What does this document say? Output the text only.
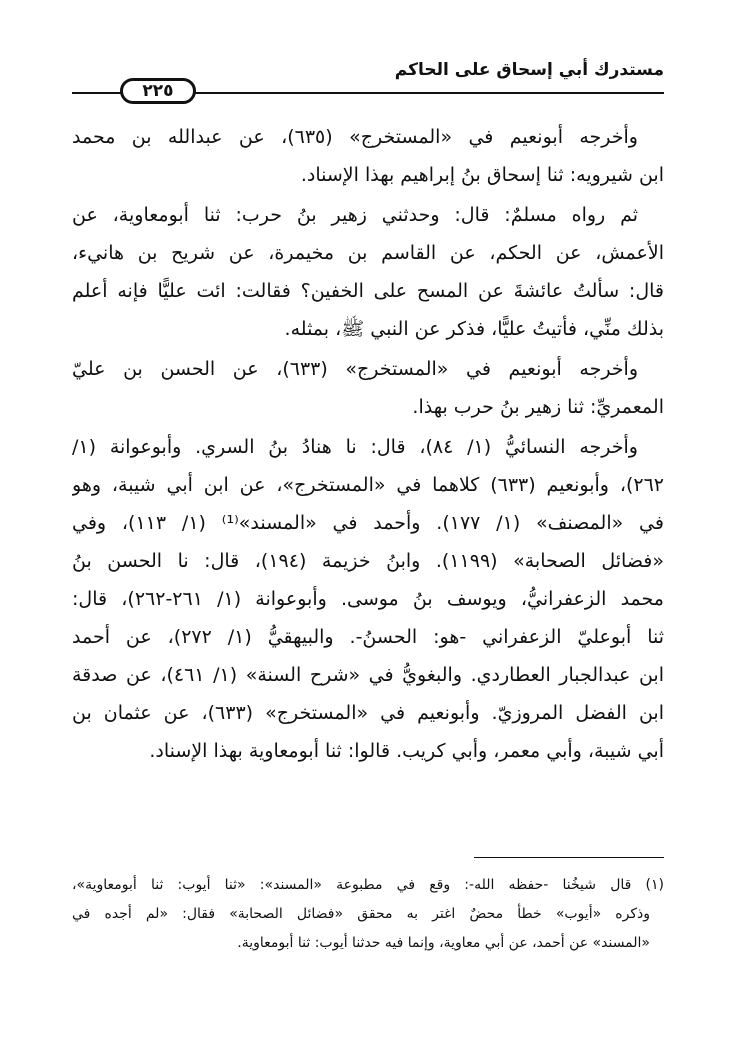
مستدرك أبي إسحاق على الحاكم
٢٢٥
وأخرجه أبونعيم في «المستخرج» (٦٣٥)، عن عبدالله بن محمد
ابن شيرويه: ثنا إسحاق بنُ إبراهيم بهذا الإسناد.
ثم رواه مسلمٌ: قال: وحدثني زهير بنُ حرب: ثنا أبومعاوية، عن
الأعمش، عن الحكم، عن القاسم بن مخيمرة، عن شريح بن هانيء،
قال: سألتُ عائشةَ عن المسح على الخفين؟ فقالت: ائت عليًّا فإنه أعلم
بذلك منِّي، فأتيتُ عليًّا، فذكر عن النبي ﷺ، بمثله.
وأخرجه أبونعيم في «المستخرج» (٦٣٣)، عن الحسن بن عليّ
المعمريِّ: ثنا زهير بنُ حرب بهذا.
وأخرجه النسائيُّ (١/ ٨٤)، قال: نا هنادُ بنُ السري. وأبوعوانة (١/
٢٦٢)، وأبونعيم (٦٣٣) كلاهما في «المستخرج»، عن ابن أبي شيبة، وهو
في «المصنف» (١/ ١٧٧). وأحمد في «المسند»⁽¹⁾ (١/ ١١٣)، وفي
«فضائل الصحابة» (١١٩٩). وابنُ خزيمة (١٩٤)، قال: نا الحسن بنُ
محمد الزعفرانيُّ، ويوسف بنُ موسى. وأبوعوانة (١/ ٢٦١-٢٦٢)، قال:
ثنا أبوعليّ الزعفراني -هو: الحسنُ-. والبيهقيُّ (١/ ٢٧٢)، عن أحمد
ابن عبدالجبار العطاردي. والبغويُّ في «شرح السنة» (١/ ٤٦١)، عن صدقة
ابن الفضل المروزيّ. وأبونعيم في «المستخرج» (٦٣٣)، عن عثمان بن
أبي شيبة، وأبي معمر، وأبي كريب. قالوا: ثنا أبومعاوية بهذا الإسناد.
(١) قال شيخُنا -حفظه الله-: وقع في مطبوعة «المسند»: «ثنا أيوب: ثنا أبومعاوية»،
وذكره «أيوب» خطأ محضٌ اغتر به محقق «فضائل الصحابة» فقال: «لم أجده في
«المسند» عن أحمد، عن أبي معاوية، وإنما فيه حدثنا أيوب: ثنا أبومعاوية.
